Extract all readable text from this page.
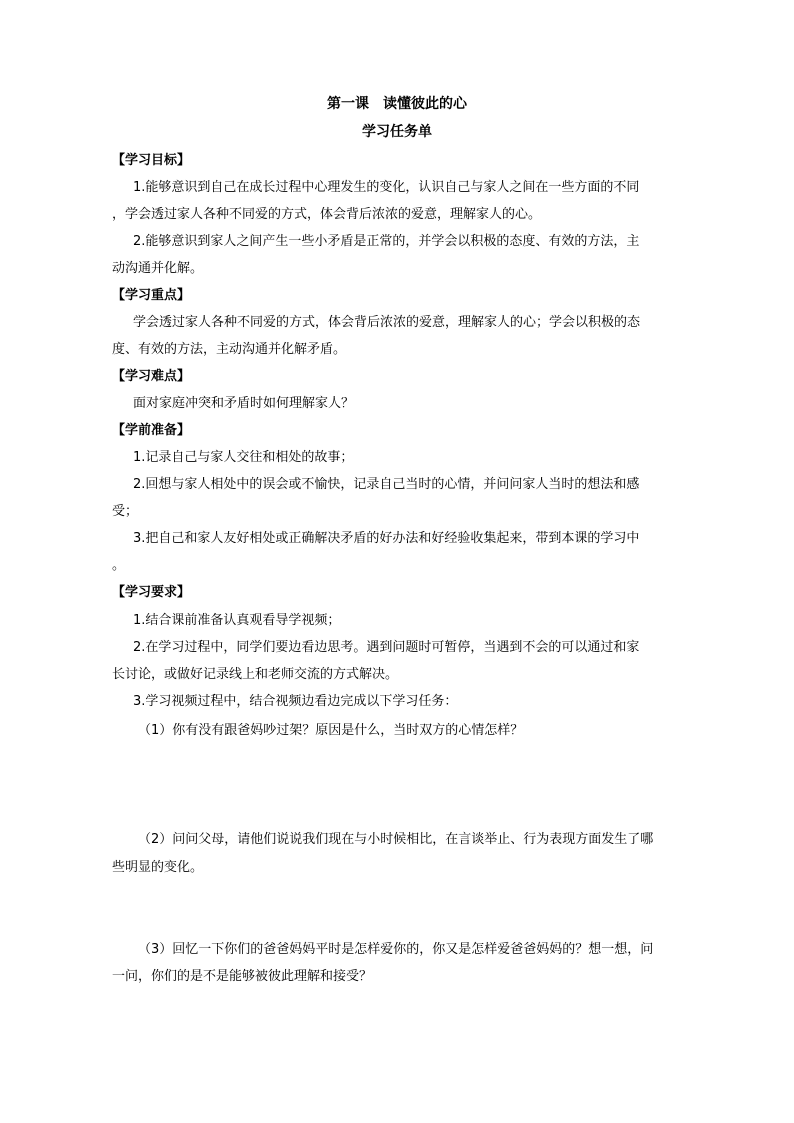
第一课　读懂彼此的心
学习任务单
【学习目标】
1.能够意识到自己在成长过程中心理发生的变化，认识自己与家人之间在一些方面的不同
，学会透过家人各种不同爱的方式，体会背后浓浓的爱意，理解家人的心。
2.能够意识到家人之间产生一些小矛盾是正常的，并学会以积极的态度、有效的方法，主
动沟通并化解。
【学习重点】
学会透过家人各种不同爱的方式，体会背后浓浓的爱意，理解家人的心；学会以积极的态
度、有效的方法，主动沟通并化解矛盾。
【学习难点】
面对家庭冲突和矛盾时如何理解家人？
【学前准备】
1.记录自己与家人交往和相处的故事；
2.回想与家人相处中的误会或不愉快，记录自己当时的心情，并问问家人当时的想法和感
受；
3.把自己和家人友好相处或正确解决矛盾的好办法和好经验收集起来，带到本课的学习中
。
【学习要求】
1.结合课前准备认真观看导学视频；
2.在学习过程中，同学们要边看边思考。遇到问题时可暂停，当遇到不会的可以通过和家
长讨论，或做好记录线上和老师交流的方式解决。
3.学习视频过程中，结合视频边看边完成以下学习任务：
（1）你有没有跟爸妈吵过架？原因是什么，当时双方的心情怎样？
（2）问问父母，请他们说说我们现在与小时候相比，在言谈举止、行为表现方面发生了哪
些明显的变化。
（3）回忆一下你们的爸爸妈妈平时是怎样爱你的，你又是怎样爱爸爸妈妈的？想一想，问
一问，你们的是不是能够被彼此理解和接受？
